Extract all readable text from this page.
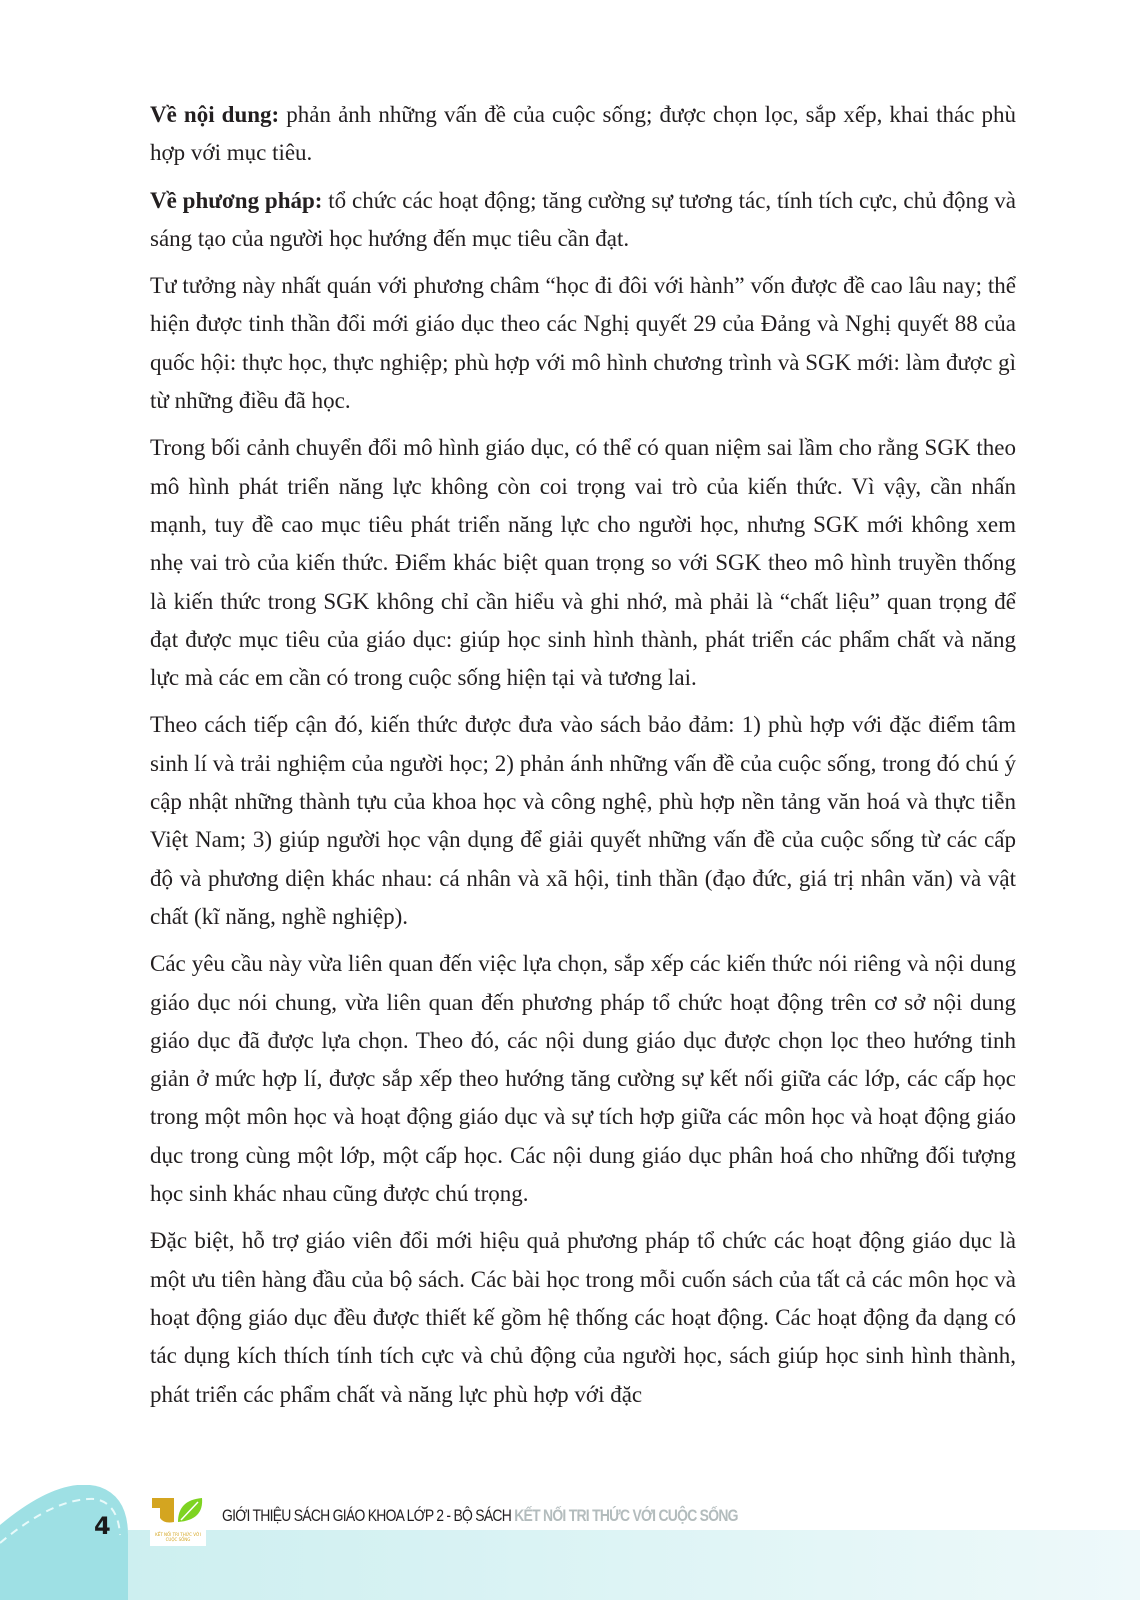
Về nội dung: phản ảnh những vấn đề của cuộc sống; được chọn lọc, sắp xếp, khai thác phù hợp với mục tiêu.

Về phương pháp: tổ chức các hoạt động; tăng cường sự tương tác, tính tích cực, chủ động và sáng tạo của người học hướng đến mục tiêu cần đạt.

Tư tưởng này nhất quán với phương châm “học đi đôi với hành” vốn được đề cao lâu nay; thể hiện được tinh thần đổi mới giáo dục theo các Nghị quyết 29 của Đảng và Nghị quyết 88 của quốc hội: thực học, thực nghiệp; phù hợp với mô hình chương trình và SGK mới: làm được gì từ những điều đã học.

Trong bối cảnh chuyển đổi mô hình giáo dục, có thể có quan niệm sai lầm cho rằng SGK theo mô hình phát triển năng lực không còn coi trọng vai trò của kiến thức. Vì vậy, cần nhấn mạnh, tuy đề cao mục tiêu phát triển năng lực cho người học, nhưng SGK mới không xem nhẹ vai trò của kiến thức. Điểm khác biệt quan trọng so với SGK theo mô hình truyền thống là kiến thức trong SGK không chỉ cần hiểu và ghi nhớ, mà phải là “chất liệu” quan trọng để đạt được mục tiêu của giáo dục: giúp học sinh hình thành, phát triển các phẩm chất và năng lực mà các em cần có trong cuộc sống hiện tại và tương lai.

Theo cách tiếp cận đó, kiến thức được đưa vào sách bảo đảm: 1) phù hợp với đặc điểm tâm sinh lí và trải nghiệm của người học; 2) phản ánh những vấn đề của cuộc sống, trong đó chú ý cập nhật những thành tựu của khoa học và công nghệ, phù hợp nền tảng văn hoá và thực tiễn Việt Nam; 3) giúp người học vận dụng để giải quyết những vấn đề của cuộc sống từ các cấp độ và phương diện khác nhau: cá nhân và xã hội, tinh thần (đạo đức, giá trị nhân văn) và vật chất (kĩ năng, nghề nghiệp).

Các yêu cầu này vừa liên quan đến việc lựa chọn, sắp xếp các kiến thức nói riêng và nội dung giáo dục nói chung, vừa liên quan đến phương pháp tổ chức hoạt động trên cơ sở nội dung giáo dục đã được lựa chọn. Theo đó, các nội dung giáo dục được chọn lọc theo hướng tinh giản ở mức hợp lí, được sắp xếp theo hướng tăng cường sự kết nối giữa các lớp, các cấp học trong một môn học và hoạt động giáo dục và sự tích hợp giữa các môn học và hoạt động giáo dục trong cùng một lớp, một cấp học. Các nội dung giáo dục phân hoá cho những đối tượng học sinh khác nhau cũng được chú trọng.

Đặc biệt, hỗ trợ giáo viên đổi mới hiệu quả phương pháp tổ chức các hoạt động giáo dục là một ưu tiên hàng đầu của bộ sách. Các bài học trong mỗi cuốn sách của tất cả các môn học và hoạt động giáo dục đều được thiết kế gồm hệ thống các hoạt động. Các hoạt động đa dạng có tác dụng kích thích tính tích cực và chủ động của người học, sách giúp học sinh hình thành, phát triển các phẩm chất và năng lực phù hợp với đặc

4	KẾT NỐI TRI THỨC VỚI CUỘC SỐNG
GIỚI THIỆU SÁCH GIÁO KHOA LỚP 2 - BỘ SÁCH KẾT NỐI TRI THỨC VỚI CUỘC SỐNG
